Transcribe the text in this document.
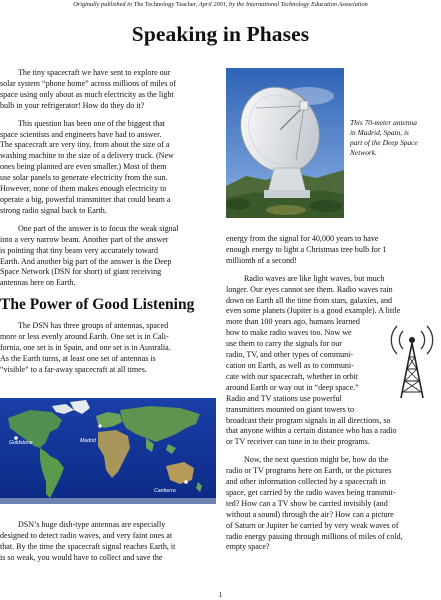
Originally published in The Technology Teacher, April 2001, by the International Technology Education Association
Speaking in Phases

The tiny spacecraft we have sent to explore our
solar system “phone home” across millions of miles of
space using only about as much electricity as the light
bulb in your refrigerator! How do they do it?

This question has been one of the biggest that
space scientists and engineers have had to answer.
The spacecraft are very tiny, from about the size of a
washing machine to the size of a delivery truck. (New
ones being planned are even smaller.) Most of them
use solar panels to generate electricity from the sun.
However, none of them makes enough electricity to
operate a big, powerful transmitter that could beam a
strong radio signal back to Earth.

One part of the answer is to focus the weak signal
into a very narrow beam. Another part of the answer
is pointing that tiny beam very accurately toward
Earth. And another big part of the answer is the Deep
Space Network (DSN for short) of giant receiving
antennas here on Earth.

The Power of Good Listening

The DSN has three groups of antennas, spaced
more or less evenly around Earth. One set is in Cali-
fornia, one set is in Spain, and one set is in Australia.
As the Earth turns, at least one set of antennas is
“visible” to a far-away spacecraft at all times.

Goldstone	Madrid
Canberra

DSN’s huge dish-type antennas are especially
designed to detect radio waves, and very faint ones at
that. By the time the spacecraft signal reaches Earth, it
is so weak, you would have to collect and save the

This 70-meter antenna
in Madrid, Spain, is
part of the Deep Space
Network.

energy from the signal for 40,000 years to have
enough energy to light a Christmas tree bulb for 1
millionth of a second!

Radio waves are like light waves, but much
longer. Our eyes cannot see them. Radio waves rain
down on Earth all the time from stars, galaxies, and
even some planets (Jupiter is a good example). A little
more than 100 years ago, humans learned
how to make radio waves too. Now we
use them to carry the signals for our
radio, TV, and other types of communi-
cation on Earth, as well as to communi-
cate with our spacecraft, whether in orbit
around Earth or way out in “deep space.”
Radio and TV stations use powerful
transmitters mounted on giant towers to
broadcast their program signals in all directions, so
that anyone within a certain distance who has a radio
or TV receiver can tune in to their programs.

Now, the next question might be, how do the
radio or TV programs here on Earth, or the pictures
and other information collected by a spacecraft in
space, get carried by the radio waves being transmit-
ted? How can a TV show be carried invisibly (and
without a sound) through the air? How can a picture
of Saturn or Jupiter be carried by very weak waves of
radio energy passing through millions of miles of cold,
empty space?

1
